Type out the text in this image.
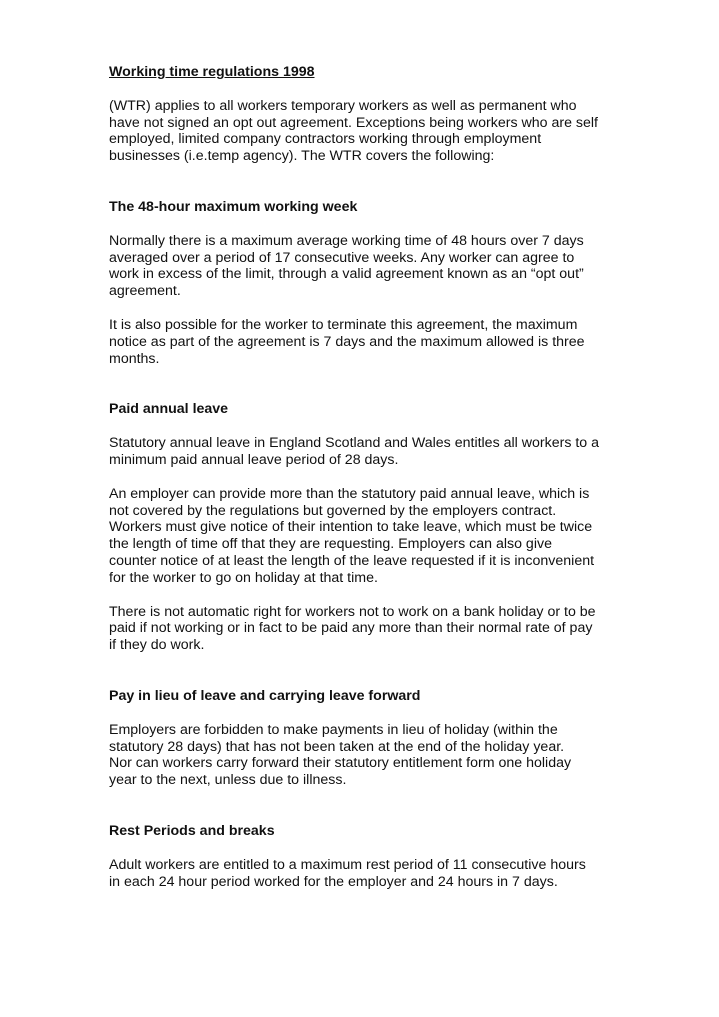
Working time regulations 1998

(WTR) applies to all workers temporary workers as well as permanent who
have not signed an opt out agreement. Exceptions being workers who are self
employed, limited company contractors working through employment
businesses (i.e.temp agency). The WTR covers the following:

The 48-hour maximum working week

Normally there is a maximum average working time of 48 hours over 7 days
averaged over a period of 17 consecutive weeks. Any worker can agree to
work in excess of the limit, through a valid agreement known as an “opt out”
agreement.
It is also possible for the worker to terminate this agreement, the maximum
notice as part of the agreement is 7 days and the maximum allowed is three
months.

Paid annual leave

Statutory annual leave in England Scotland and Wales entitles all workers to a
minimum paid annual leave period of 28 days.
An employer can provide more than the statutory paid annual leave, which is
not covered by the regulations but governed by the employers contract.
Workers must give notice of their intention to take leave, which must be twice
the length of time off that they are requesting. Employers can also give
counter notice of at least the length of the leave requested if it is inconvenient
for the worker to go on holiday at that time.
There is not automatic right for workers not to work on a bank holiday or to be
paid if not working or in fact to be paid any more than their normal rate of pay
if they do work.

Pay in lieu of leave and carrying leave forward

Employers are forbidden to make payments in lieu of holiday (within the
statutory 28 days) that has not been taken at the end of the holiday year.
Nor can workers carry forward their statutory entitlement form one holiday
year to the next, unless due to illness.

Rest Periods and breaks

Adult workers are entitled to a maximum rest period of 11 consecutive hours
in each 24 hour period worked for the employer and 24 hours in 7 days.
